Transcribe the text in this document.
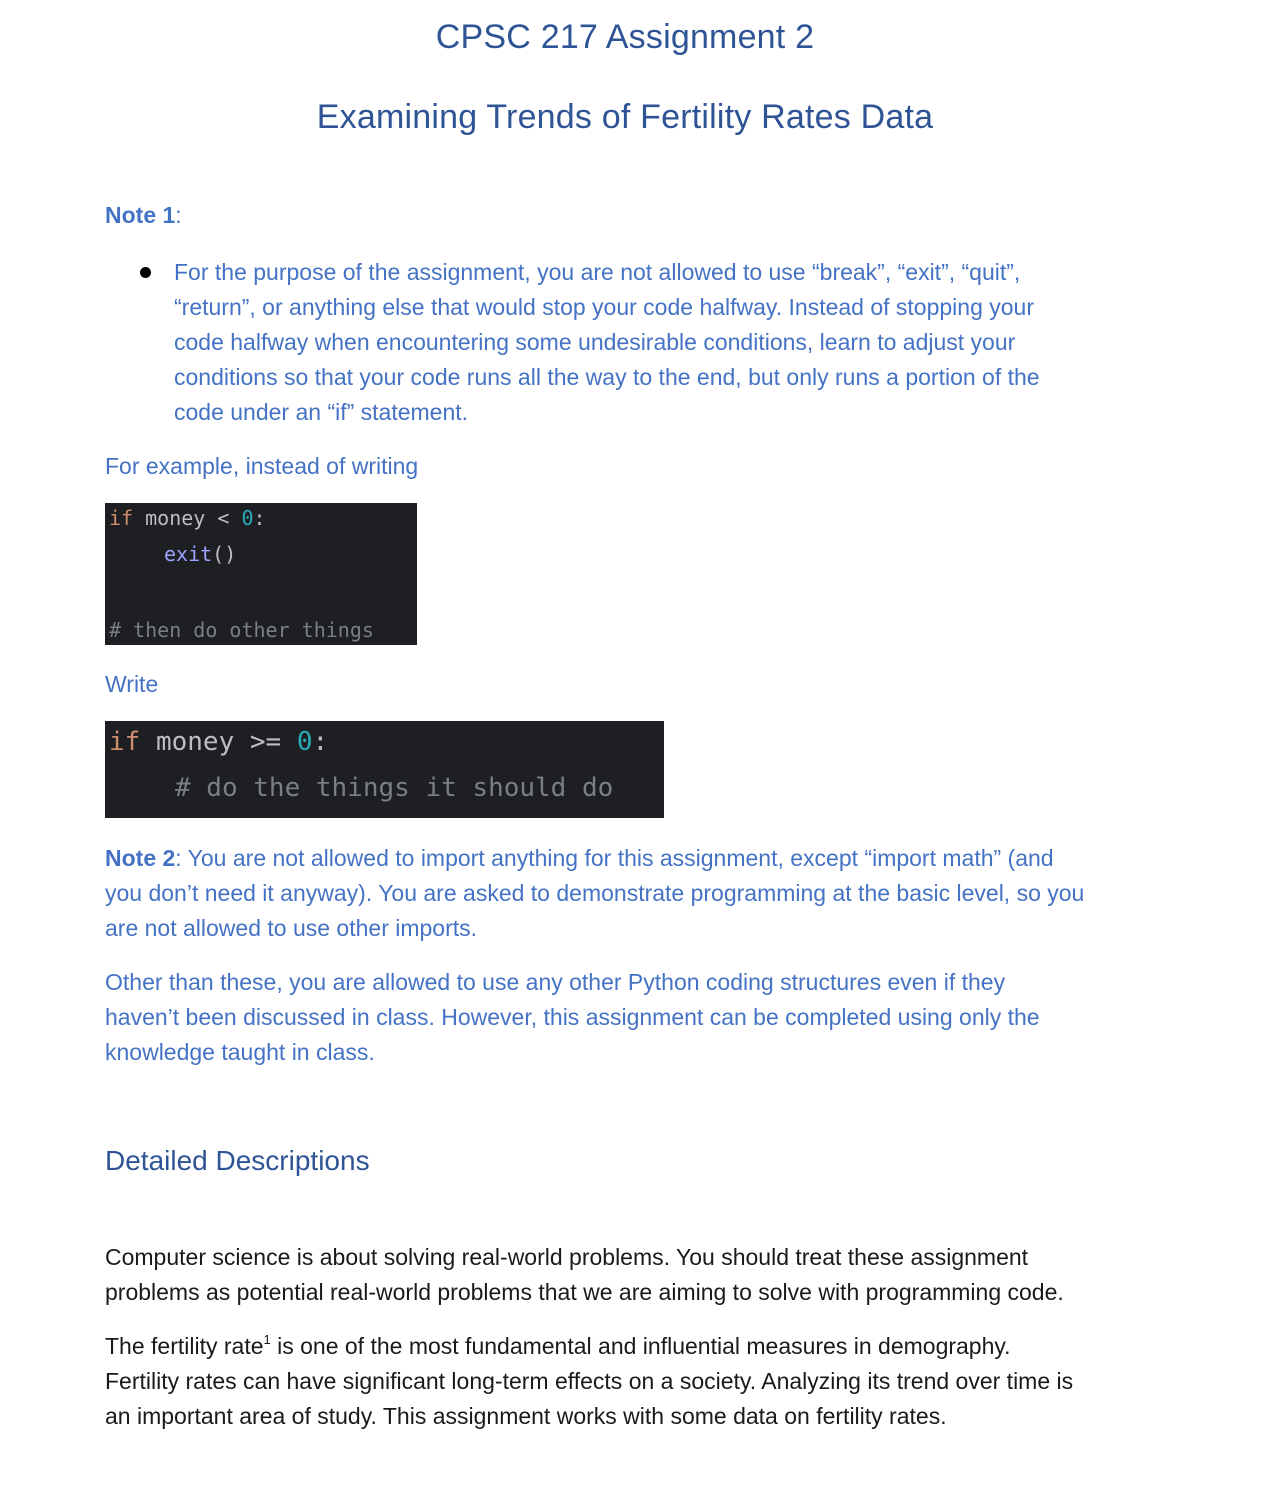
CPSC 217 Assignment 2
Examining Trends of Fertility Rates Data

Note 1:

For the purpose of the assignment, you are not allowed to use “break”, “exit”, “quit”,
“return”, or anything else that would stop your code halfway. Instead of stopping your
code halfway when encountering some undesirable conditions, learn to adjust your
conditions so that your code runs all the way to the end, but only runs a portion of the
code under an “if” statement.

For example, instead of writing

if money < 0:

exit()

# then do other things

Write

if money >= 0:

# do the things it should do

Note 2: You are not allowed to import anything for this assignment, except “import math” (and
you don’t need it anyway). You are asked to demonstrate programming at the basic level, so you
are not allowed to use other imports.

Other than these, you are allowed to use any other Python coding structures even if they
haven’t been discussed in class. However, this assignment can be completed using only the
knowledge taught in class.

Detailed Descriptions

Computer science is about solving real-world problems. You should treat these assignment
problems as potential real-world problems that we are aiming to solve with programming code.

The fertility rate$^1$ is one of the most fundamental and influential measures in demography.
Fertility rates can have significant long-term effects on a society. Analyzing its trend over time is
an important area of study. This assignment works with some data on fertility rates.
